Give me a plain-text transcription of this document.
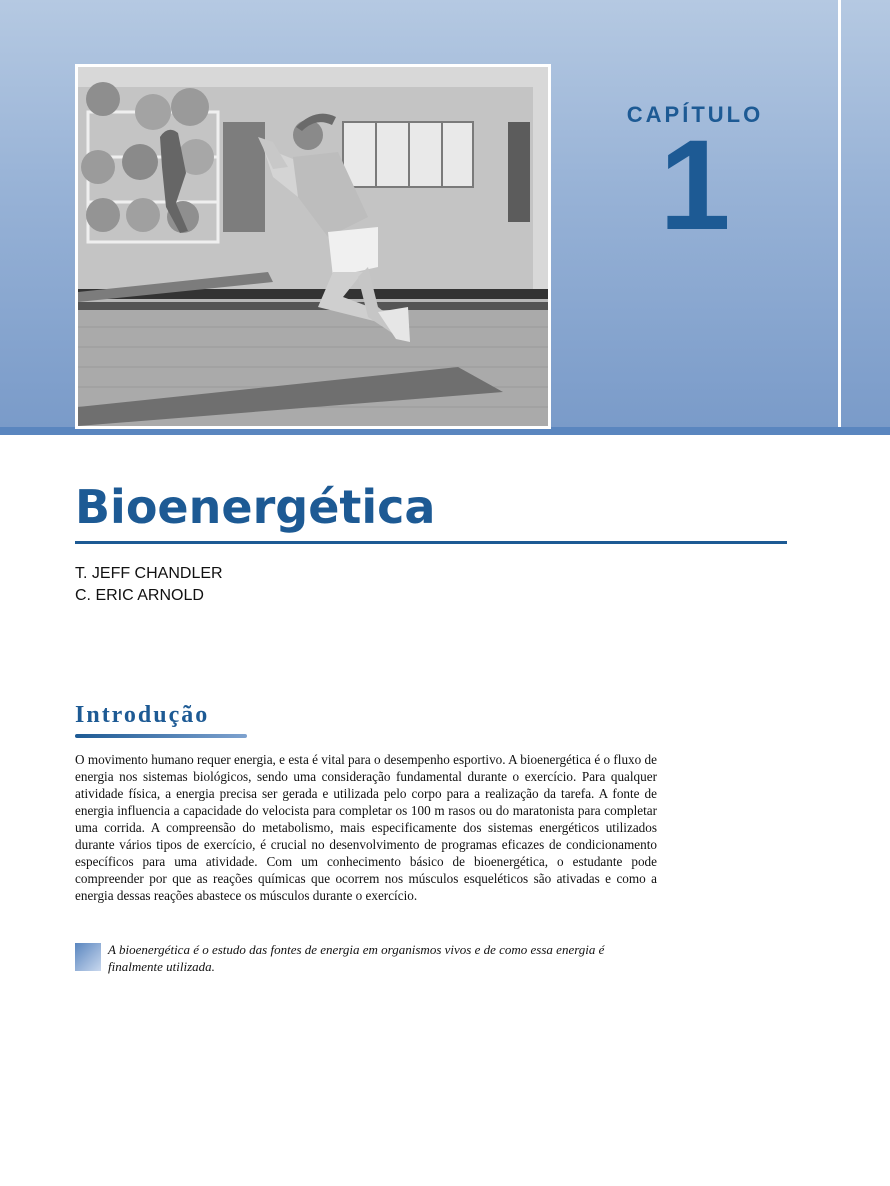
CAPÍTULO
1
Bioenergética
T. JEFF CHANDLER
C. ERIC ARNOLD
Introdução
O movimento humano requer energia, e esta é vital para o desempenho esportivo. A bioenergética é o fluxo de energia nos sistemas biológicos, sendo uma consideração fundamental durante o exercício. Para qualquer atividade física, a energia precisa ser gerada e utilizada pelo corpo para a realização da tarefa. A fonte de energia influencia a capacidade do velocista para completar os 100 m rasos ou do maratonista para completar uma corrida. A compreensão do metabolismo, mais especificamente dos sistemas energéticos utilizados durante vários tipos de exercício, é crucial no desenvolvimento de programas eficazes de condicionamento específicos para uma atividade. Com um conhecimento básico de bioenergética, o estudante pode compreender por que as reações químicas que ocorrem nos músculos esqueléticos são ativadas e como a energia dessas reações abastece os músculos durante o exercício.
A bioenergética é o estudo das fontes de energia em organismos vivos e de como essa energia é finalmente utilizada.
